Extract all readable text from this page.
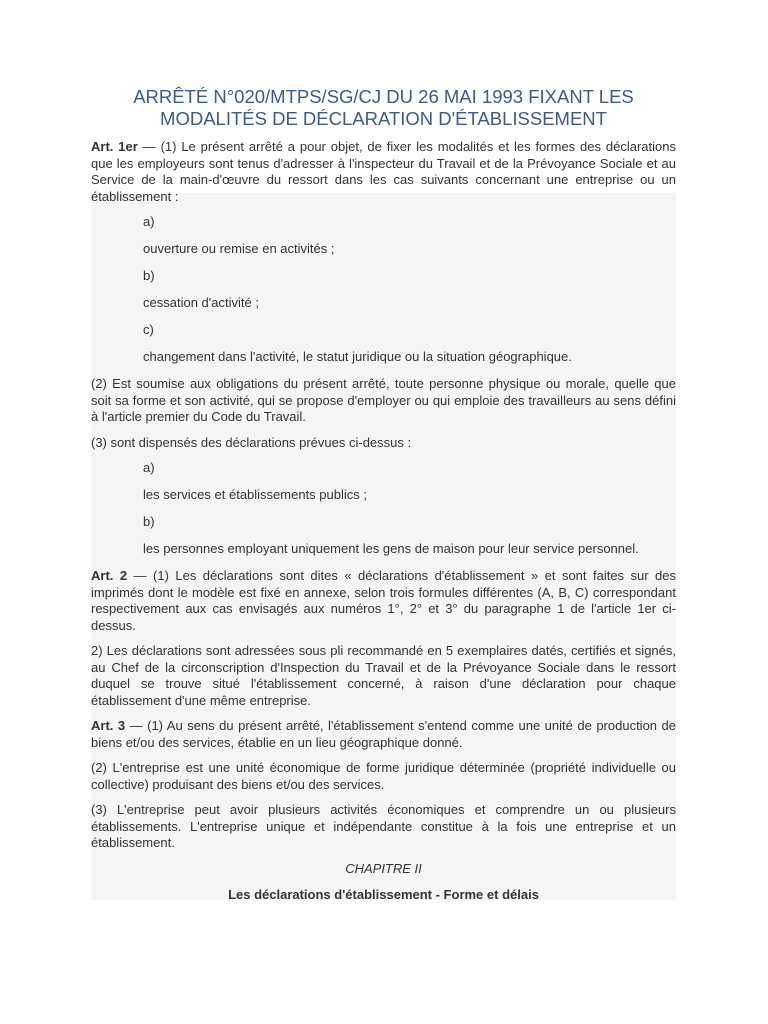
ARRÊTÉ N°020/MTPS/SG/CJ DU 26 MAI 1993 FIXANT LES MODALITÉS DE DÉCLARATION D'ÉTABLISSEMENT

Art. 1er — (1) Le présent arrêté a pour objet, de fixer les modalités et les formes des déclarations que les employeurs sont tenus d'adresser à l'inspecteur du Travail et de la Prévoyance Sociale et au Service de la main-d'œuvre du ressort dans les cas suivants concernant une entreprise ou un établissement :

a)

ouverture ou remise en activités ;

b)

cessation d'activité ;

c)

changement dans l'activité, le statut juridique ou la situation géographique.

(2) Est soumise aux obligations du présent arrêté, toute personne physique ou morale, quelle que soit sa forme et son activité, qui se propose d'employer ou qui emploie des travailleurs au sens défini à l'article premier du Code du Travail.

(3) sont dispensés des déclarations prévues ci-dessus :

a)

les services et établissements publics ;

b)

les personnes employant uniquement les gens de maison pour leur service personnel.

Art. 2 — (1) Les déclarations sont dites « déclarations d'établissement » et sont faites sur des imprimés dont le modèle est fixé en annexe, selon trois formules différentes (A, B, C) correspondant respectivement aux cas envisagés aux numéros 1°, 2° et 3° du paragraphe 1 de l'article 1er ci-dessus.

2) Les déclarations sont adressées sous pli recommandé en 5 exemplaires datés, certifiés et signés, au Chef de la circonscription d'Inspection du Travail et de la Prévoyance Sociale dans le ressort duquel se trouve situé l'établissement concerné, à raison d'une déclaration pour chaque établissement d'une même entreprise.

Art. 3 — (1) Au sens du présent arrêté, l'établissement s'entend comme une unité de production de biens et/ou des services, établie en un lieu géographique donné.

(2) L'entreprise est une unité économique de forme juridique déterminée (propriété individuelle ou collective) produisant des biens et/ou des services.

(3) L'entreprise peut avoir plusieurs activités économiques et comprendre un ou plusieurs établissements. L'entreprise unique et indépendante constitue à la fois une entreprise et un établissement.

CHAPITRE II

Les déclarations d'établissement - Forme et délais
